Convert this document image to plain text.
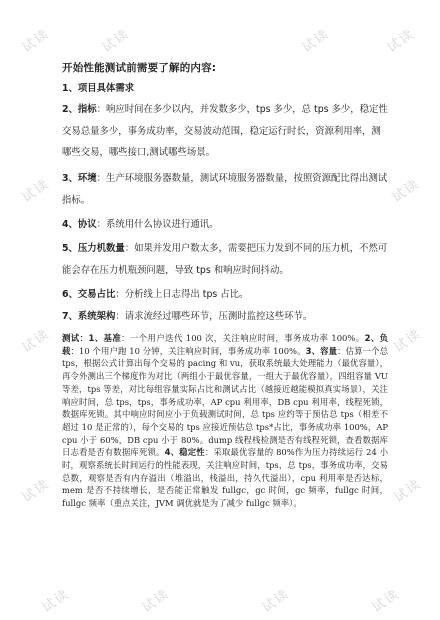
试读	试读	试读	试读
试读	试读
试读	试读
试读	试读
试读	试读	试读	试读
开始性能测试前需要了解的内容:
1、项目具体需求
2、指标：响应时间在多少以内，并发数多少，tps 多少，总 tps 多少，稳定性交易总量多少，事务成功率，交易波动范围，稳定运行时长，资源利用率，测哪些交易，哪些接口,测试哪些场景。
3、环境：生产环境服务器数量，测试环境服务器数量，按照资源配比得出测试指标。
4、协议：系统用什么协议进行通讯。
5、压力机数量：如果并发用户数太多，需要把压力发到不同的压力机，不然可能会存在压力机瓶颈问题，导致 tps 和响应时间抖动。
6、交易占比：分析线上日志得出 tps 占比。
7、系统架构：请求流经过哪些环节，压测时监控这些环节。
测试：1、基准：一个用户迭代 100 次，关注响应时间，事务成功率 100%。2、负载：10 个用户跑 10 分钟，关注响应时间，事务成功率 100%。3、容量：估算一个总 tps，根据公式计算出每个交易的 pacing 和 vu，获取系统最大处理能力（最优容量），再令外测出三个梯度作为对比（两组小于最优容量，一组大于最优容量），四组容量 VU 等差，tps 等差，对比每组容量实际占比和测试占比（越接近越能模拟真实场景），关注响应时间，总 tps，tps，事务成功率，AP cpu 利用率，DB cpu 利用率，线程死锁，数据库死锁。其中响应时间应小于负载测试时间，总 tps 应约等于预估总 tps（相差不超过 10 是正常的），每个交易的 tps 应接近预估总 tps*占比，事务成功率 100%，AP cpu 小于 60%，DB cpu 小于 80%。dump 线程栈检测是否有线程死锁，查看数据库日志看是否有数据库死锁。4、稳定性：采取最优容量的 80%作为压力持续运行 24 小时，观察系统长时间运行的性能表现，关注响应时间，tps，总 tps，事务成功率，交易总数，观察是否有内存溢出（堆溢出，栈溢出，持久代溢出），cpu 利用率是否达标，mem 是否不持续增长，是否能正常触发 fullgc，gc 时间，gc 频率，fullgc 时间，fullgc 频率（重点关注，JVM 调优就是为了减少 fullgc 频率）。
